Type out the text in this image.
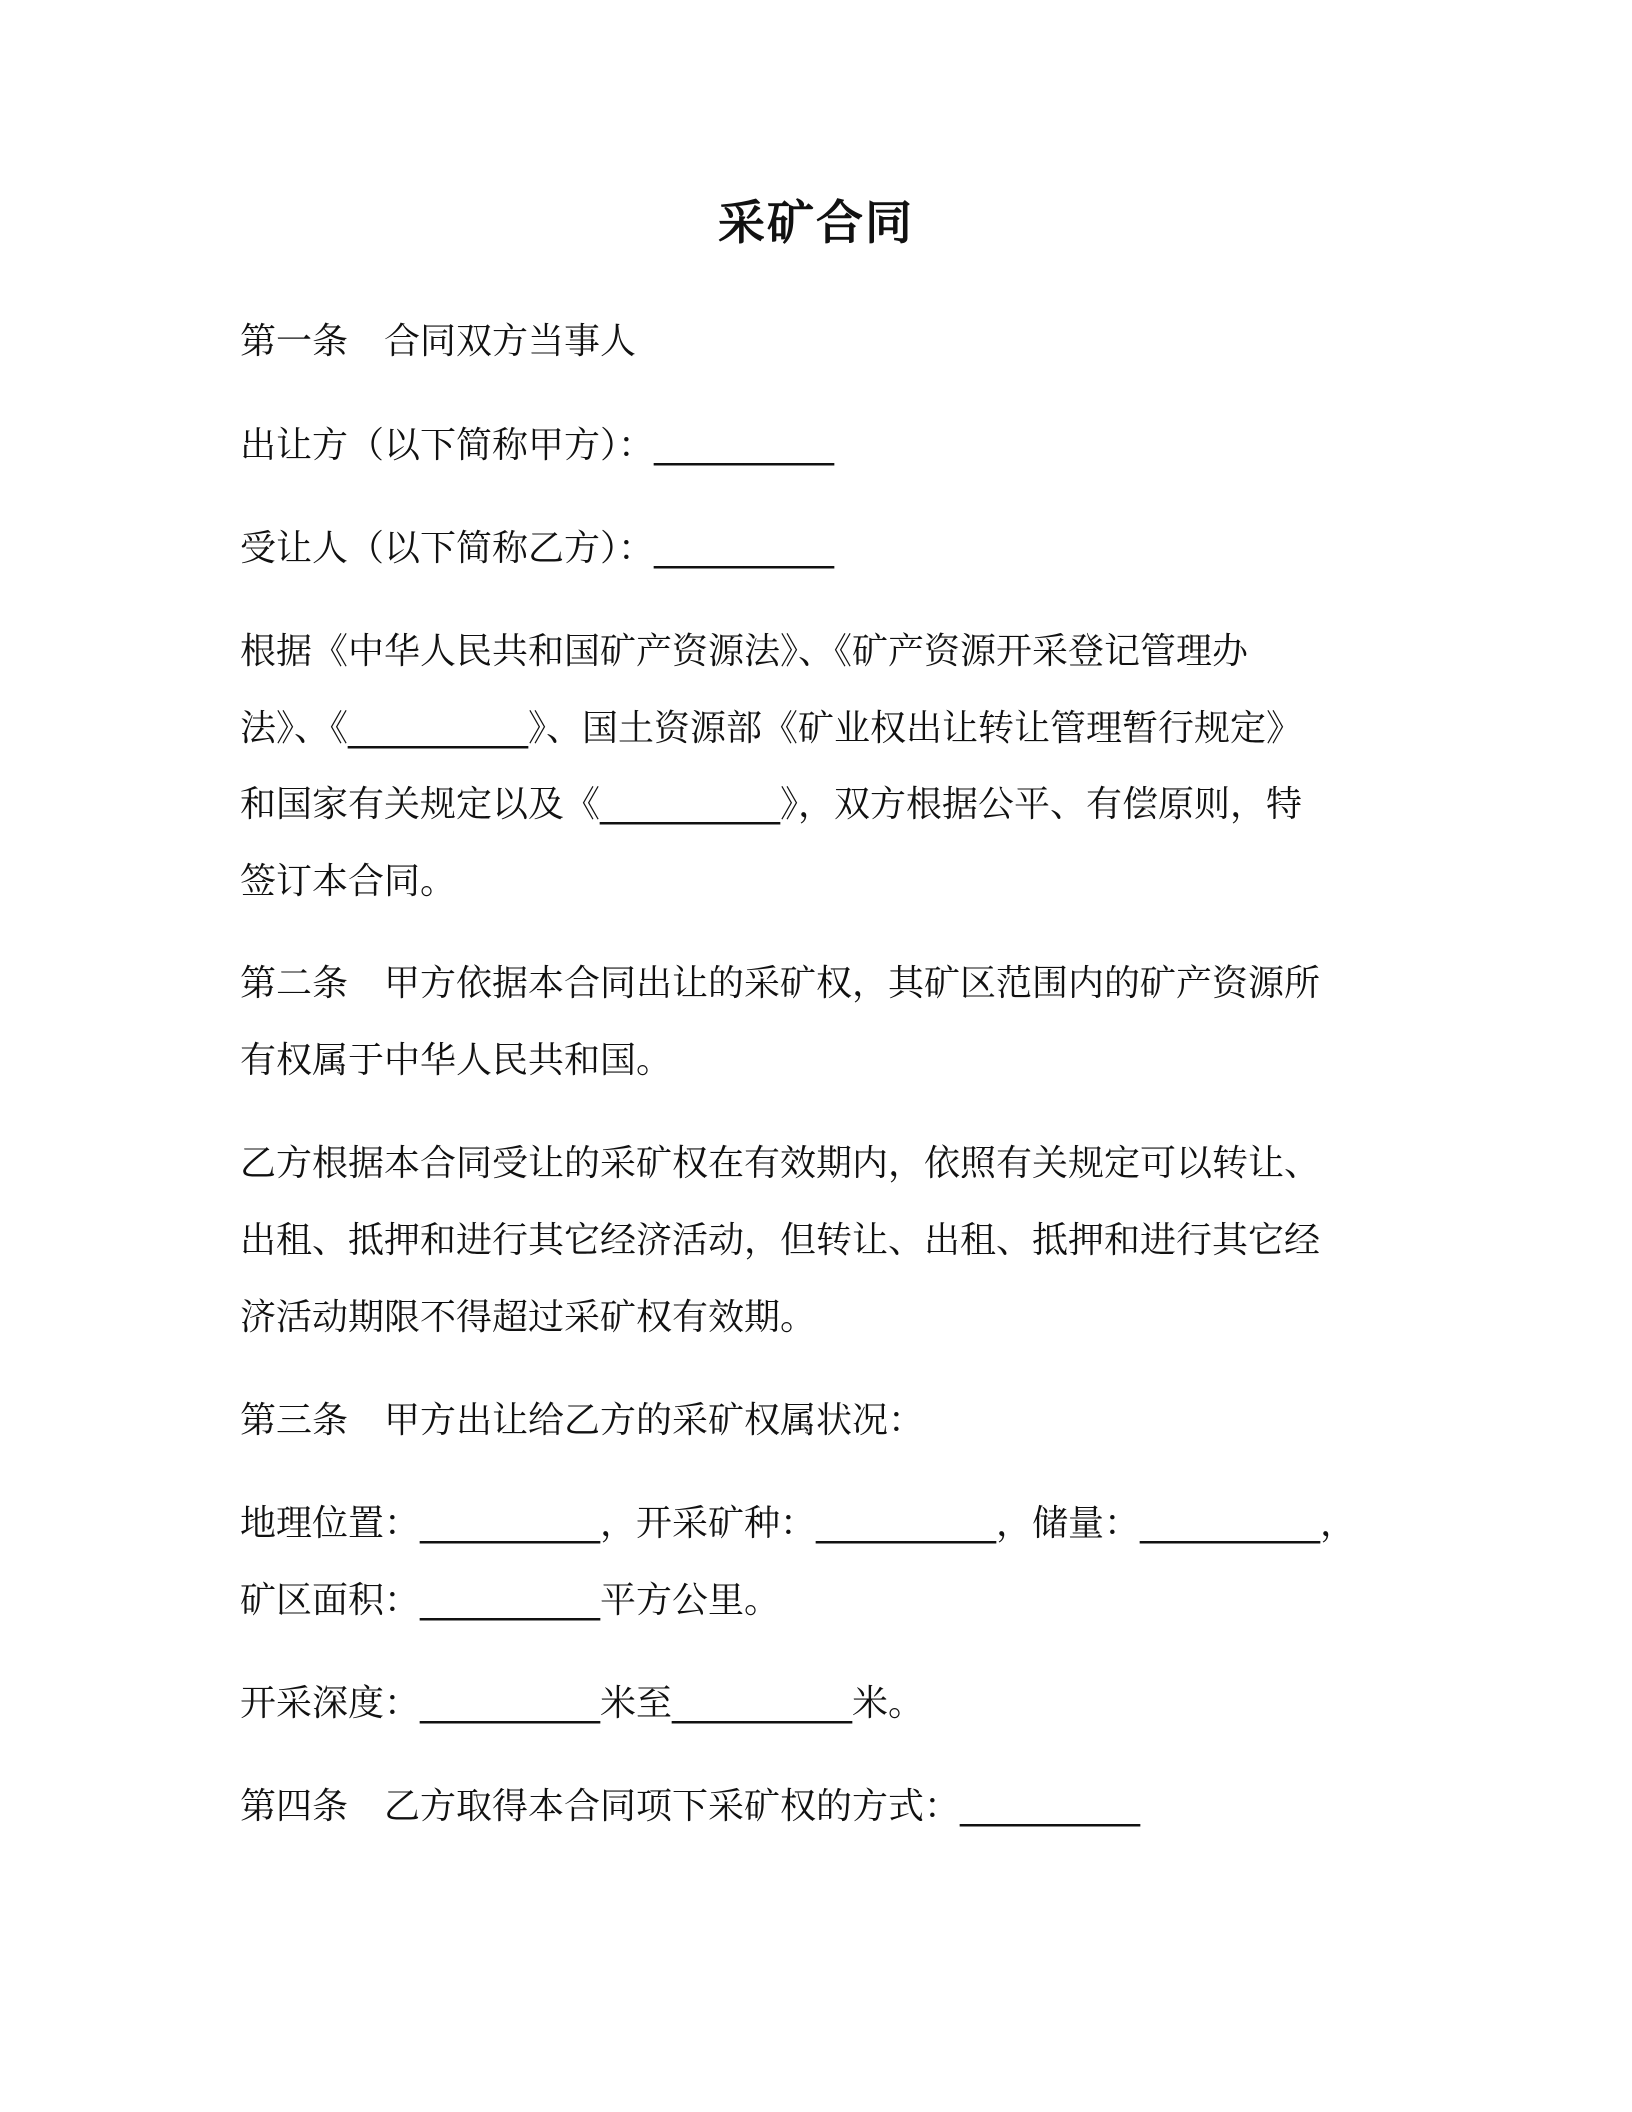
采矿合同
第一条　合同双方当事人
出让方（以下简称甲方）：__________
受让人（以下简称乙方）：__________
根据《中华人民共和国矿产资源法》、《矿产资源开采登记管理办
法》、《__________》、国土资源部《矿业权出让转让管理暂行规定》
和国家有关规定以及《__________》，双方根据公平、有偿原则，特
签订本合同。
第二条　甲方依据本合同出让的采矿权，其矿区范围内的矿产资源所
有权属于中华人民共和国。
乙方根据本合同受让的采矿权在有效期内，依照有关规定可以转让、
出租、抵押和进行其它经济活动，但转让、出租、抵押和进行其它经
济活动期限不得超过采矿权有效期。
第三条　甲方出让给乙方的采矿权属状况：
地理位置：__________，开采矿种：__________，储量：__________，
矿区面积：__________平方公里。
开采深度：__________米至__________米。
第四条　乙方取得本合同项下采矿权的方式：__________
